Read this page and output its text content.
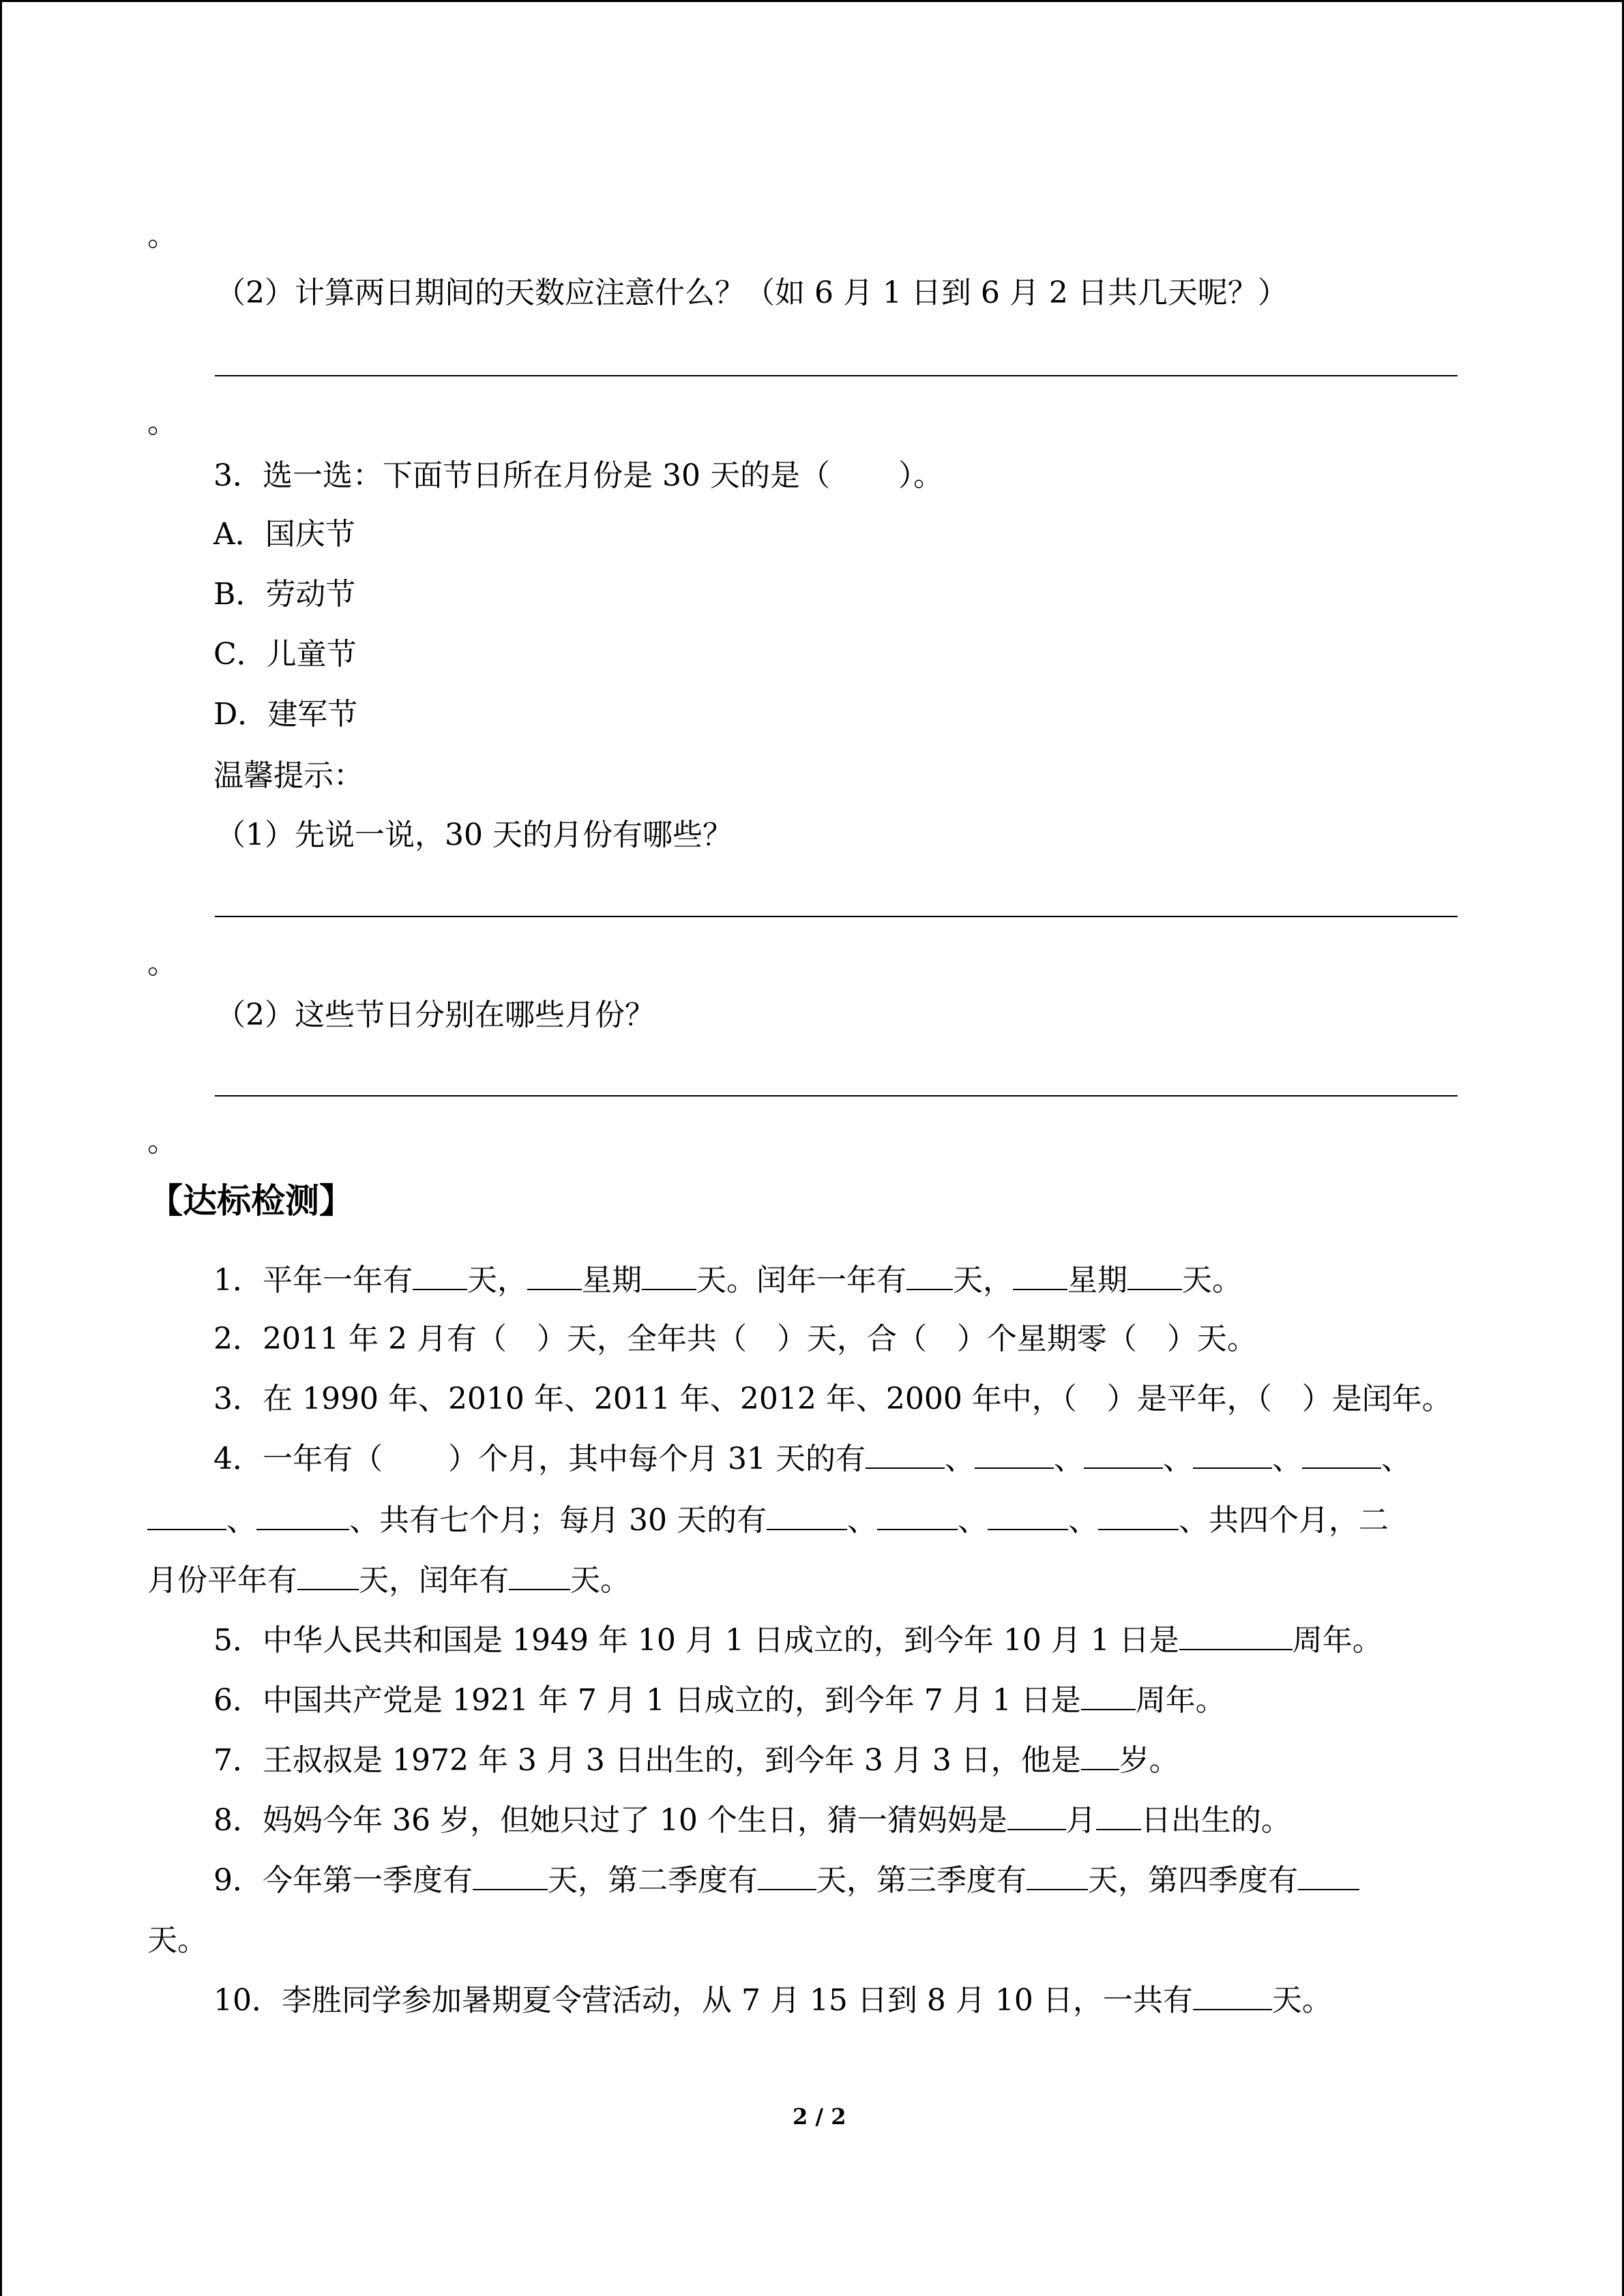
。
（2）计算两日期间的天数应注意什么？（如 6 月 1 日到 6 月 2 日共几天呢？）
。
3．选一选：下面节日所在月份是 30 天的是（ ）。
A．国庆节
B．劳动节
C．儿童节
D．建军节
温馨提示：
（1）先说一说，30 天的月份有哪些？
。
（2）这些节日分别在哪些月份？
。
【达标检测】
1．平年一年有 天， 星期 天。闰年一年有 天， 星期 天。
2．2011 年 2 月有（　）天，全年共（　）天，合（　）个星期零（　）天。
3．在 1990 年、2010 年、2011 年、2012 年、2000 年中，（　）是平年，（　）是闰年。
4．一年有（ ）个月，其中每个月 31 天的有	、	、	、	、	、
、	、共有七个月；每月 30 天的有	、	、	、	、共四个月，二
月份平年有 天，闰年有 天。
5．中华人民共和国是 1949 年 10 月 1 日成立的，到今年 10 月 1 日是	周年。
6．中国共产党是 1921 年 7 月 1 日成立的，到今年 7 月 1 日是 周年。
7．王叔叔是 1972 年 3 月 3 日出生的，到今年 3 月 3 日，他是 岁。
8．妈妈今年 36 岁，但她只过了 10 个生日，猜一猜妈妈是 月 日出生的。
9．今年第一季度有	天，第二季度有 天，第三季度有 天，第四季度有
天。
10．李胜同学参加暑期夏令营活动，从 7 月 15 日到 8 月 10 日，一共有	天。
2 / 2
